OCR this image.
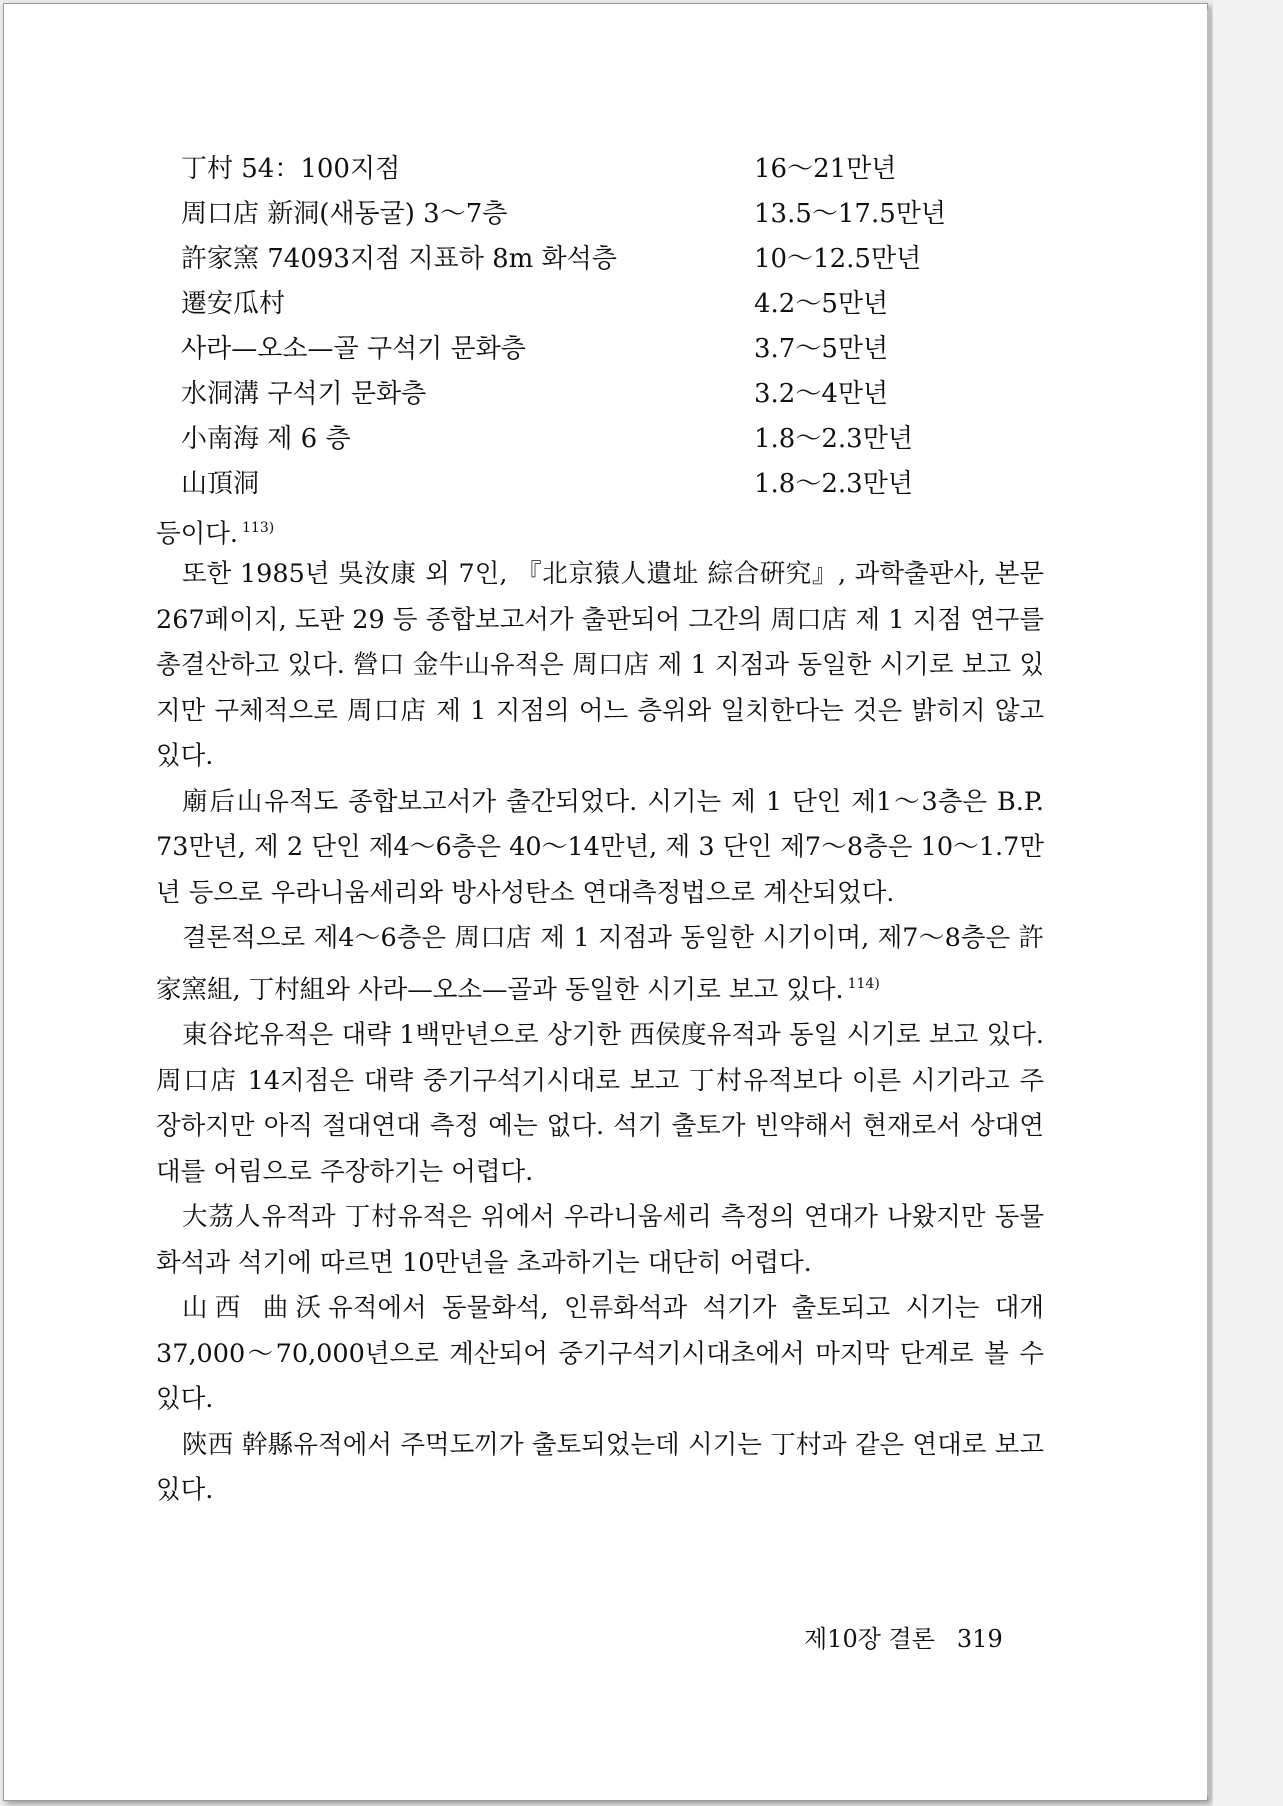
丁村 54：100지점	16～21만년
周口店 新洞(새동굴) 3～7층	13.5～17.5만년
許家窯 74093지점 지표하 8m 화석층	10～12.5만년
遷安瓜村	4.2～5만년
사라—오소—골 구석기 문화층	3.7～5만년
水洞溝 구석기 문화층	3.2～4만년
小南海 제 6 층	1.8～2.3만년
山頂洞	1.8～2.3만년
등이다. $^{113)}$

또한 1985년 吳汝康 외 7인, 『北京猿人遺址 綜合硏究』, 과학출판사, 본문 267페이지, 도판 29 등 종합보고서가 출판되어 그간의 周口店 제 1 지점 연구를 총결산하고 있다. 營口 金牛山유적은 周口店 제 1 지점과 동일한 시기로 보고 있지만 구체적으로 周口店 제 1 지점의 어느 층위와 일치한다는 것은 밝히지 않고 있다.

廟后山유적도 종합보고서가 출간되었다. 시기는 제 1 단인 제1～3층은 B.P. 73만년, 제 2 단인 제4～6층은 40～14만년, 제 3 단인 제7～8층은 10～1.7만년 등으로 우라니움세리와 방사성탄소 연대측정법으로 계산되었다.

결론적으로 제4～6층은 周口店 제 1 지점과 동일한 시기이며, 제7～8층은 許家窯組, 丁村組와 사라—오소—골과 동일한 시기로 보고 있다. $^{114)}$

東谷坨유적은 대략 1백만년으로 상기한 西侯度유적과 동일 시기로 보고 있다. 周口店 14지점은 대략 중기구석기시대로 보고 丁村유적보다 이른 시기라고 주장하지만 아직 절대연대 측정 예는 없다. 석기 출토가 빈약해서 현재로서 상대연대를 어림으로 주장하기는 어렵다.

大茘人유적과 丁村유적은 위에서 우라니움세리 측정의 연대가 나왔지만 동물화석과 석기에 따르면 10만년을 초과하기는 대단히 어렵다.

山西 曲沃유적에서 동물화석, 인류화석과 석기가 출토되고 시기는 대개 37,000～70,000년으로 계산되어 중기구석기시대초에서 마지막 단계로 볼 수 있다.

陝西 幹縣유적에서 주먹도끼가 출토되었는데 시기는 丁村과 같은 연대로 보고 있다.

제10장 결론 319
